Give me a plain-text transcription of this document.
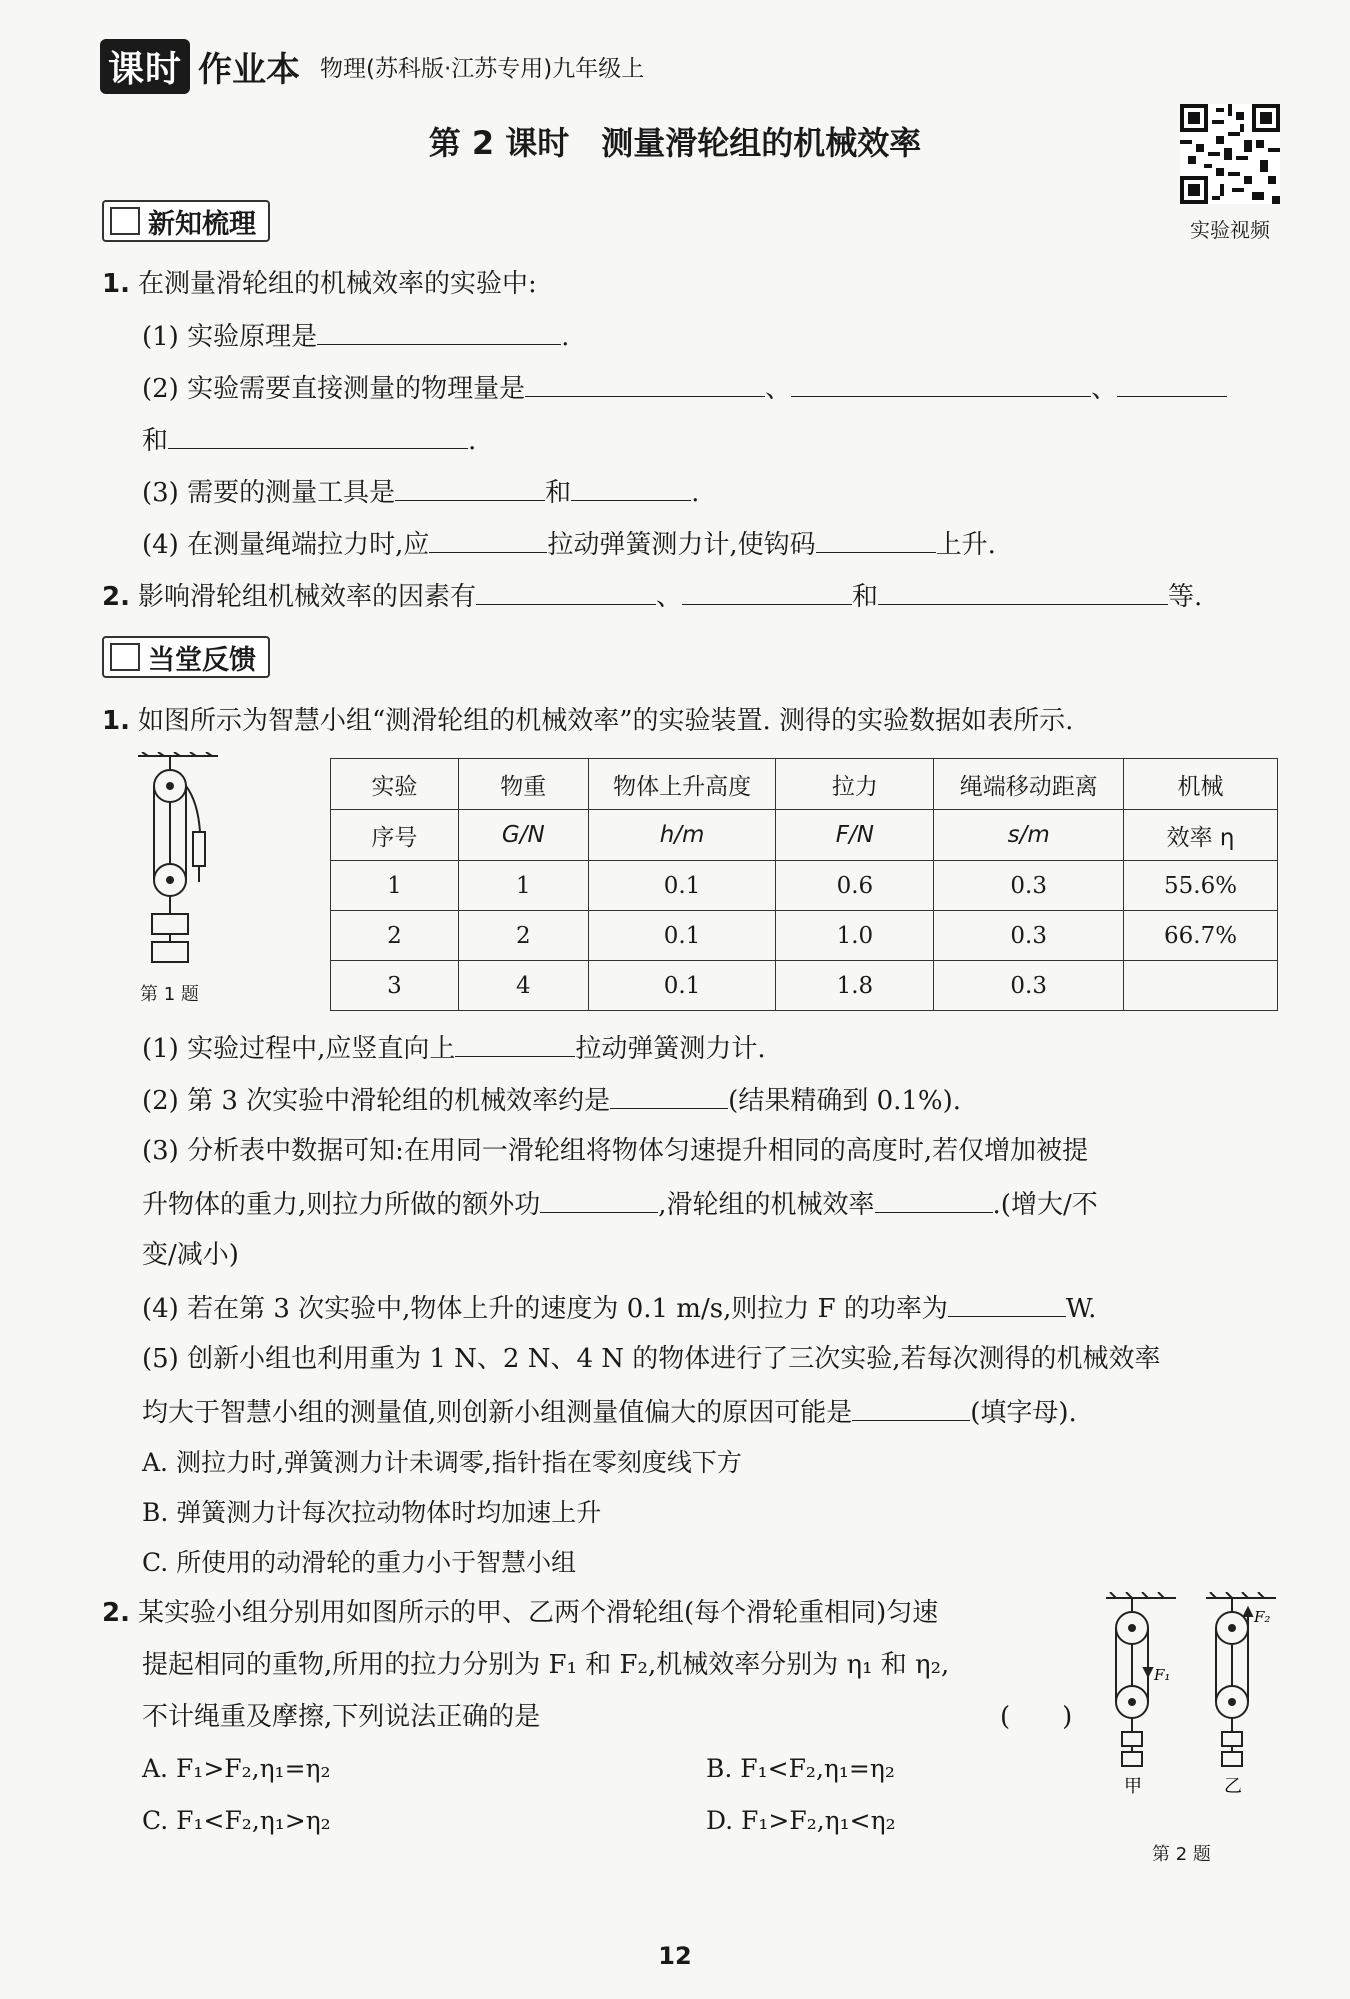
课时 作业本 物理(苏科版·江苏专用)九年级上
第 2 课时　测量滑轮组的机械效率
实验视频
新知梳理
1. 在测量滑轮组的机械效率的实验中:
(1) 实验原理是	.
(2) 实验需要直接测量的物理量是	、	、
和	.
(3) 需要的测量工具是	和	.
(4) 在测量绳端拉力时,应	拉动弹簧测力计,使钩码	上升.
2. 影响滑轮组机械效率的因素有	、	和	等.
当堂反馈
1. 如图所示为智慧小组“测滑轮组的机械效率”的实验装置. 测得的实验数据如表所示.
第 1 题
实验	物重	物体上升高度	拉力	绳端移动距离	机械
序号	G/N	h/m	F/N	s/m	效率 η
1	1	0.1	0.6	0.3	55.6%
2	2	0.1	1.0	0.3	66.7%
3	4	0.1	1.8	0.3	
(1) 实验过程中,应竖直向上	拉动弹簧测力计.
(2) 第 3 次实验中滑轮组的机械效率约是	(结果精确到 0.1%).
(3) 分析表中数据可知:在用同一滑轮组将物体匀速提升相同的高度时,若仅增加被提
升物体的重力,则拉力所做的额外功	,滑轮组的机械效率	.(增大/不
变/减小)
(4) 若在第 3 次实验中,物体上升的速度为 0.1 m/s,则拉力 F 的功率为	W.
(5) 创新小组也利用重为 1 N、2 N、4 N 的物体进行了三次实验,若每次测得的机械效率
均大于智慧小组的测量值,则创新小组测量值偏大的原因可能是	(填字母).
A. 测拉力时,弹簧测力计未调零,指针指在零刻度线下方
B. 弹簧测力计每次拉动物体时均加速上升
C. 所使用的动滑轮的重力小于智慧小组
2. 某实验小组分别用如图所示的甲、乙两个滑轮组(每个滑轮重相同)匀速
提起相同的重物,所用的拉力分别为 F₁ 和 F₂,机械效率分别为 η₁ 和 η₂,
不计绳重及摩擦,下列说法正确的是	(　　)
A. F₁>F₂,η₁=η₂	B. F₁<F₂,η₁=η₂
C. F₁<F₂,η₁>η₂	D. F₁>F₂,η₁<η₂
F₁
F₂
甲	乙
第 2 题
12
